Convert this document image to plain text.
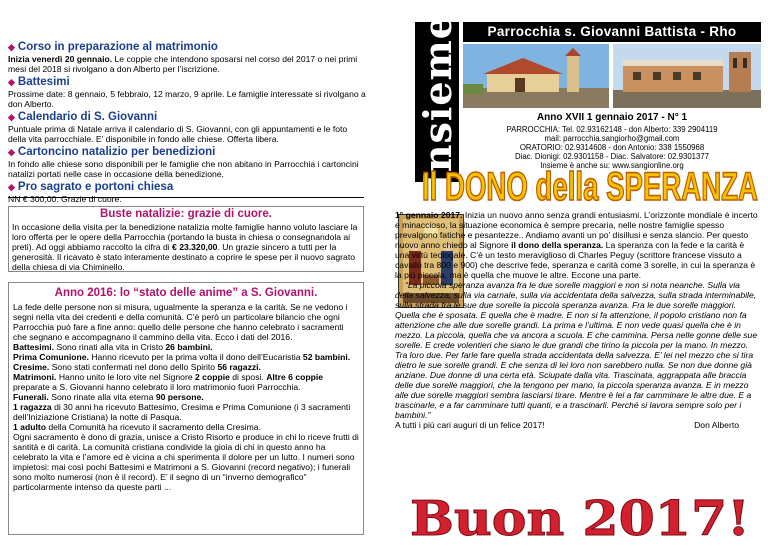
◆ Corso in preparazione al matrimonio

Inizia venerdì 20 gennaio. Le coppie che intendono sposarsi nel corso del 2017 o nei primi mesi del 2018 si rivolgano a don Alberto per l’iscrizione.

◆ Battesimi

Prossime date: 8 gennaio, 5 febbraio, 12 marzo, 9 aprile. Le famiglie interessate si rivolgano a don Alberto.

◆ Calendario di S. Giovanni

Puntuale prima di Natale arriva il calendario di S. Giovanni, con gli appuntamenti e le foto della vita parrocchiale. E’ disponibile in fondo alle chiese. Offerta libera.

◆ Cartoncino natalizio per benedizioni

In fondo alle chiese sono disponibili per le famiglie che non abitano in Parrocchia i cartoncini natalizi portati nelle case in occasione della benedizione.

◆ Pro sagrato e portoni chiesa

NN € 300,00. Grazie di cuore.

Buste natalizie: grazie di cuore.

In occasione della visita per la benedizione natalizia molte famiglie hanno voluto lasciare la loro offerta per le opere della Parrocchia (portando la busta in chiesa o consegnandola ai preti). Ad oggi abbiamo raccolto la cifra di € 23.320,00. Un grazie sincero a tutti per la generosità. Il ricavato è stato interamente destinato a coprire le spese per il nuovo sagrato della chiesa di via Chiminello.

Anno 2016: lo “stato delle anime” a S. Giovanni.

La fede delle persone non si misura, ugualmente la speranza e la carità. Se ne vedono i segni nella vita dei credenti e della comunità. C’è però un particolare bilancio che ogni Parrocchia può fare a fine anno: quello delle persone che hanno celebrato i sacramenti che segnano e accompagnano il cammino della vita. Ecco i dati del 2016.

Battesimi. Sono rinati alla vita in Cristo 26 bambini.

Prima Comunione. Hanno ricevuto per la prima volta il dono dell’Eucaristia 52 bambini.

Cresime. Sono stati confermati nel dono dello Spirito 56 ragazzi.

Matrimoni. Hanno unito le loro vite nel Signore 2 coppie di sposi. Altre 6 coppie preparate a S. Giovanni hanno celebrato il loro matrimonio fuori Parrocchia.

Funerali. Sono rinate alla vita eterna 90 persone.

1 ragazza di 30 anni ha ricevuto Battesimo, Cresima e Prima Comunione (i 3 sacramenti dell’Iniziazione Cristiana) la notte di Pasqua.

1 adulto della Comunità ha ricevuto il sacramento della Cresima.

Ogni sacramento è dono di grazia, unisce a Cristo Risorto e produce in chi lo riceve frutti di santità e di carità. La comunità cristiana condivide la gioia di chi in questo anno ha celebrato la vita e l’amore ed è vicina a chi sperimenta il dolore per un lutto. I numeri sono impietosi: mai così pochi Battesimi e Matrimoni a S. Giovanni (record negativo); i funerali sono molto numerosi (non è il record). E’ il segno di un “inverno demografico” particolarmente intenso da queste parti ...

Insieme	Parrocchia s. Giovanni Battista - Rho
Anno XVII 1 gennaio 2017 - N° 1
PARROCCHIA: Tel. 02.93162148 - don Alberto: 339 2904119
mail: parrocchia.sangiorho@gmail.com
ORATORIO: 02.9314608 - don Antonio: 338 1550968
Diac. Dionigi: 02.9301158 - Diac. Salvatore: 02.9301377
Insieme è anche su: www.sangionline.org
Il DONO della SPERANZA

1° gennaio 2017. Inizia un nuovo anno senza grandi entusiasmi. L’orizzonte mondiale è incerto e minaccioso, la situazione economica è sempre precaria, nelle nostre famiglie spesso prevalgono fatiche e pesantezze.. Andiamo avanti un po’ disillusi e senza slancio. Per questo nuovo anno chiedo al Signore il dono della speranza. La speranza con la fede e la carità è una virtù teologale. C’è un testo meraviglioso di Charles Peguy (scrittore francese vissuto a cavallo tra 800 e 900) che descrive fede, speranza e carità come 3 sorelle, in cui la speranza è la più piccola, ma è quella che muove le altre. Eccone una parte.

“La piccola speranza avanza fra le due sorelle maggiori e non si nota neanche. Sulla via della salvezza, sulla via carnale, sulla via accidentata della salvezza, sulla strada interminabile, sulla strada fra le sue due sorelle la piccola speranza avanza. Fra le due sorelle maggiori. Quella che è sposata. E quella che è madre. E non si fa attenzione, il popolo cristiano non fa attenzione che alle due sorelle grandi. La prima e l’ultima. E non vede quasi quella che è in mezzo. La piccola, quella che va ancora a scuola. E che cammina. Persa nelle gonne delle sue sorelle. E crede volentieri che siano le due grandi che tirino la piccola per la mano. In mezzo. Tra loro due. Per farle fare quella strada accidentata della salvezza. E’ lei nel mezzo che si tira dietro le sue sorelle grandi. E che senza di lei loro non sarebbero nulla. Se non due donne già anziane. Due donne di una certa età. Sciupate dalla vita. Trascinata, aggrappata alle braccia delle due sorelle maggiori, che la tengono per mano, la piccola speranza avanza. E in mezzo alle due sorelle maggiori sembra lasciarsi tirare. Mentre è lei a far camminare le altre due. E a trascinarle, e a far camminare tutti quanti, e a trascinarli. Perché si lavora sempre solo per i bambini.”

A tutti i più cari auguri di un felice 2017!	Don Alberto

Buon 2017!
